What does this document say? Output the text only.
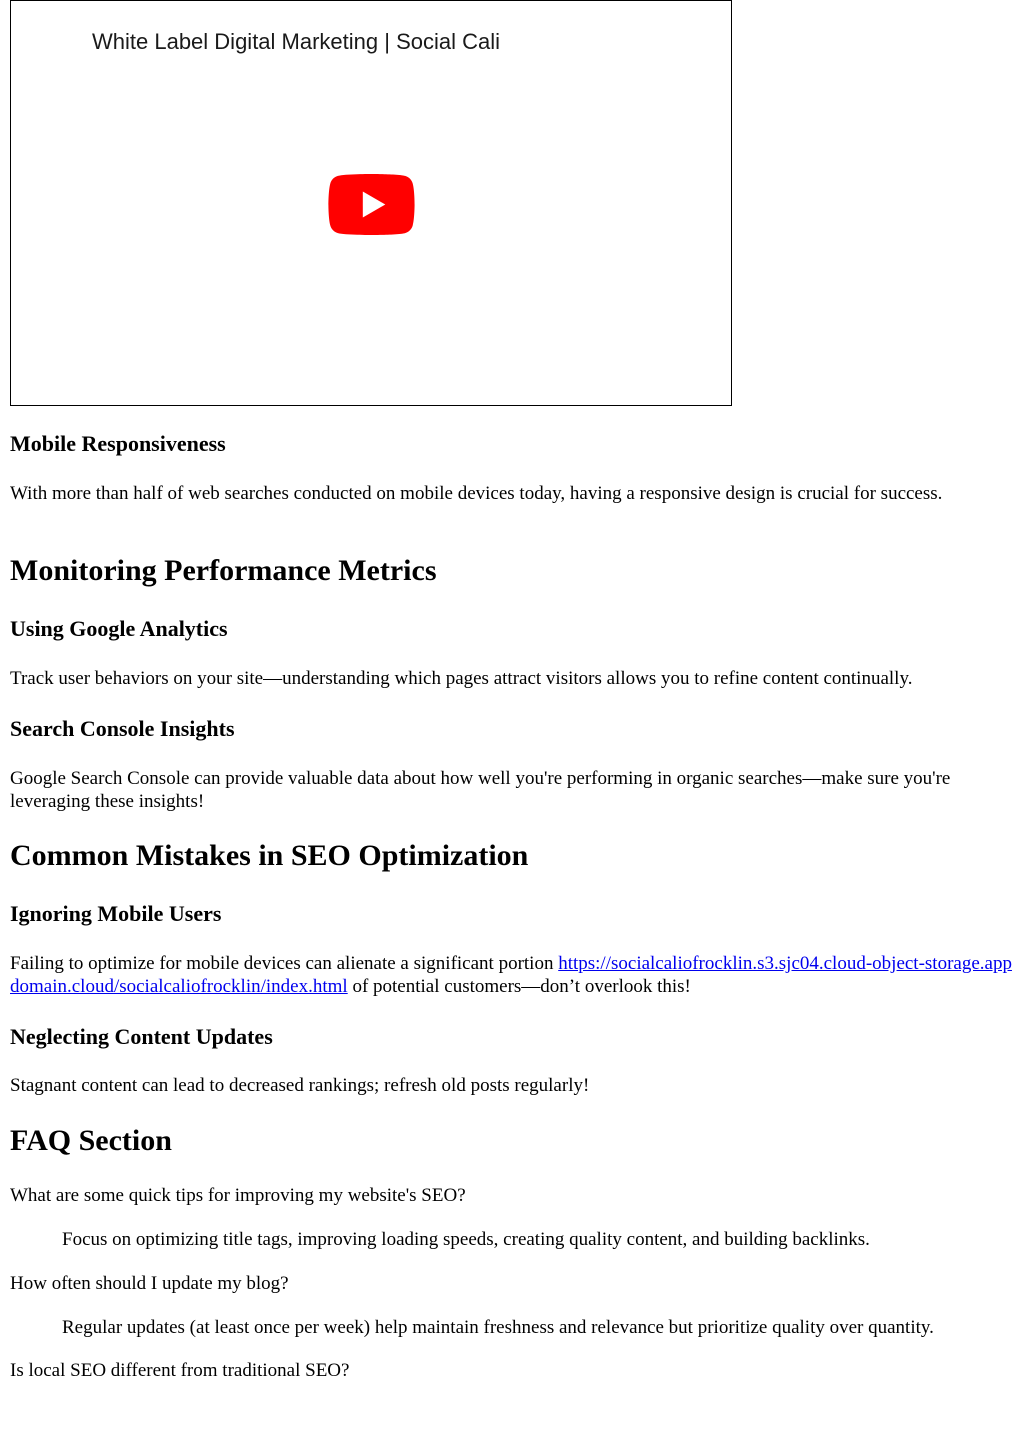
White Label Digital Marketing | Social Cali
Mobile Responsiveness

With more than half of web searches conducted on mobile devices today, having a responsive design is crucial for success.

Monitoring Performance Metrics
Using Google Analytics

Track user behaviors on your site—understanding which pages attract visitors allows you to refine content continually.

Search Console Insights

Google Search Console can provide valuable data about how well you're performing in organic searches—make sure you're leveraging these insights!

Common Mistakes in SEO Optimization
Ignoring Mobile Users

Failing to optimize for mobile devices can alienate a significant portion https://socialcaliofrocklin.s3.sjc04.cloud-object-storage.appdomain.cloud/socialcaliofrocklin/index.html of potential customers—don’t overlook this!

Neglecting Content Updates

Stagnant content can lead to decreased rankings; refresh old posts regularly!

FAQ Section

What are some quick tips for improving my website's SEO?

Focus on optimizing title tags, improving loading speeds, creating quality content, and building backlinks.

How often should I update my blog?

Regular updates (at least once per week) help maintain freshness and relevance but prioritize quality over quantity.

Is local SEO different from traditional SEO?
